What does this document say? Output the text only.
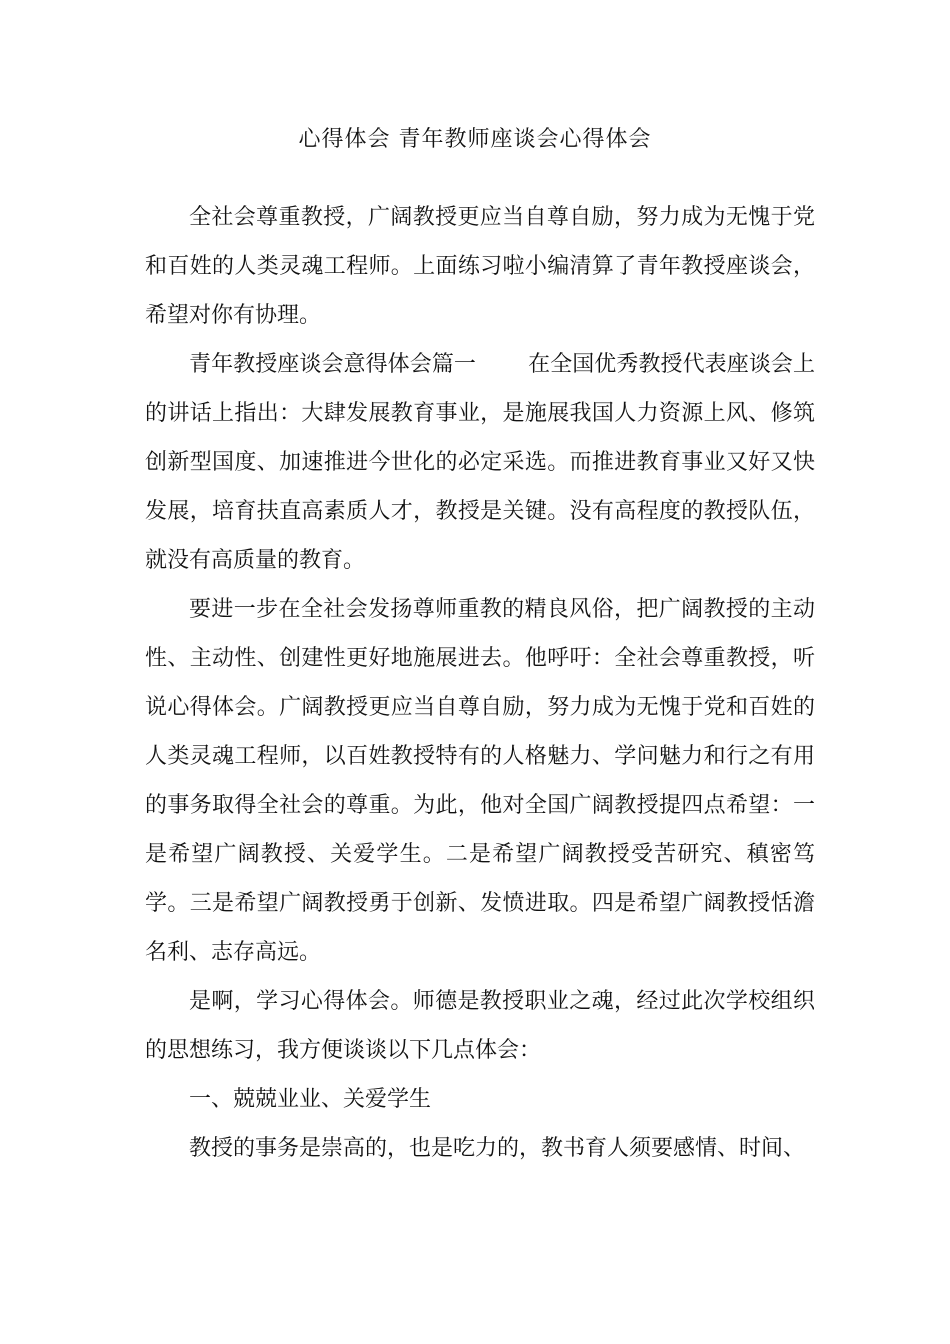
心得体会 青年教师座谈会心得体会

全社会尊重教授，广阔教授更应当自尊自励，努力成为无愧于党和百姓的人类灵魂工程师。上面练习啦小编清算了青年教授座谈会，希望对你有协理。

青年教授座谈会意得体会篇一 在全国优秀教授代表座谈会上的讲话上指出：大肆发展教育事业，是施展我国人力资源上风、修筑创新型国度、加速推进今世化的必定采选。而推进教育事业又好又快发展，培育扶直高素质人才，教授是关键。没有高程度的教授队伍，就没有高质量的教育。

要进一步在全社会发扬尊师重教的精良风俗，把广阔教授的主动性、主动性、创建性更好地施展进去。他呼吁：全社会尊重教授，听说心得体会。广阔教授更应当自尊自励，努力成为无愧于党和百姓的人类灵魂工程师，以百姓教授特有的人格魅力、学问魅力和行之有用的事务取得全社会的尊重。为此，他对全国广阔教授提四点希望：一是希望广阔教授、关爱学生。二是希望广阔教授受苦研究、稹密笃学。三是希望广阔教授勇于创新、发愤进取。四是希望广阔教授恬澹名利、志存高远。

是啊，学习心得体会。师德是教授职业之魂，经过此次学校组织的思想练习，我方便谈谈以下几点体会：

一、兢兢业业、关爱学生

教授的事务是崇高的，也是吃力的，教书育人须要感情、时间、
